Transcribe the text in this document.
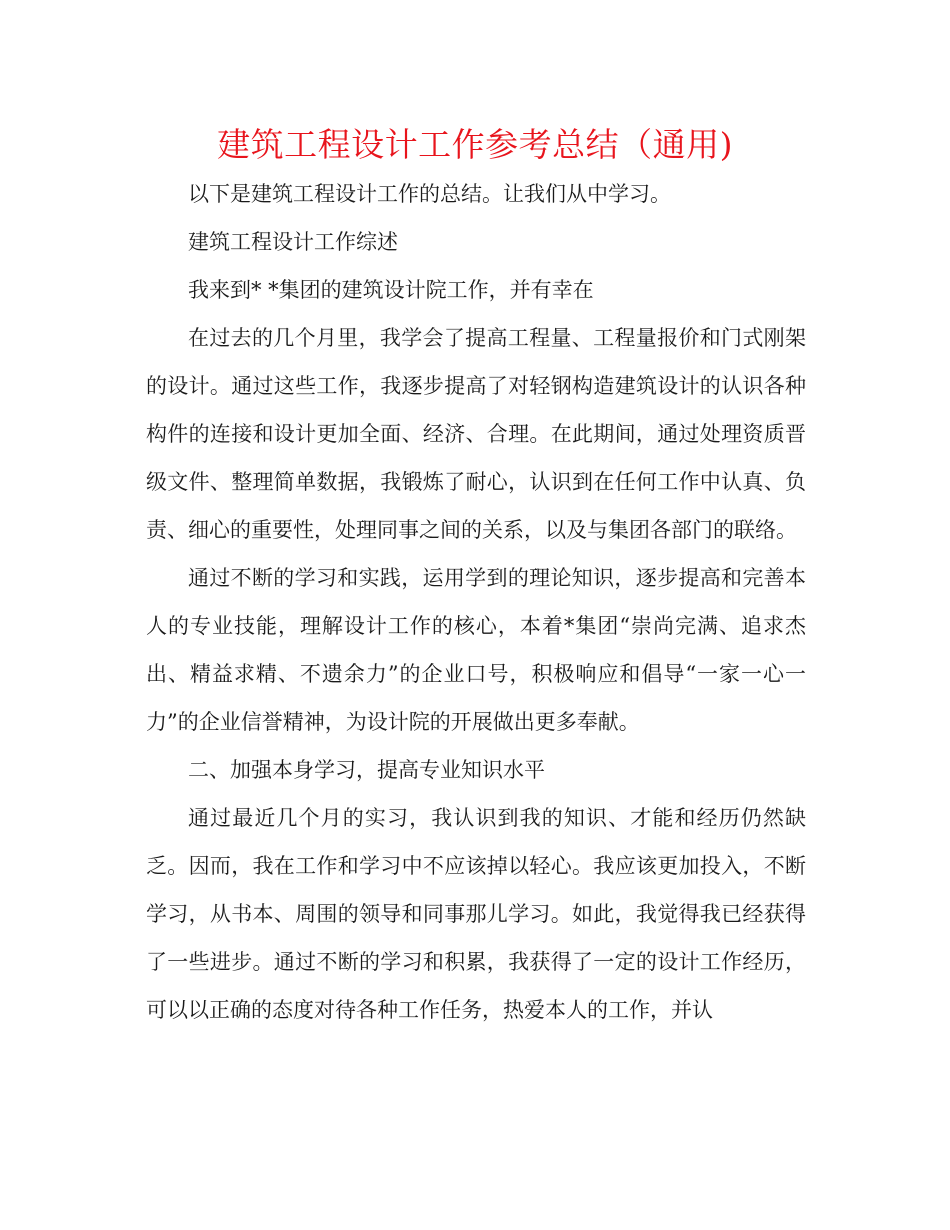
建筑工程设计工作参考总结（通用)

以下是建筑工程设计工作的总结。让我们从中学习。

建筑工程设计工作综述

我来到* *集团的建筑设计院工作，并有幸在

在过去的几个月里，我学会了提高工程量、工程量报价和门式刚架的设计。通过这些工作，我逐步提高了对轻钢构造建筑设计的认识各种构件的连接和设计更加全面、经济、合理。在此期间，通过处理资质晋级文件、整理简单数据，我锻炼了耐心，认识到在任何工作中认真、负责、细心的重要性，处理同事之间的关系，以及与集团各部门的联络。

通过不断的学习和实践，运用学到的理论知识，逐步提高和完善本人的专业技能，理解设计工作的核心，本着*集团“崇尚完满、追求杰出、精益求精、不遗余力”的企业口号，积极响应和倡导“一家一心一力”的企业信誉精神，为设计院的开展做出更多奉献。

二、加强本身学习，提高专业知识水平

通过最近几个月的实习，我认识到我的知识、才能和经历仍然缺乏。因而，我在工作和学习中不应该掉以轻心。我应该更加投入，不断学习，从书本、周围的领导和同事那儿学习。如此，我觉得我已经获得了一些进步。通过不断的学习和积累，我获得了一定的设计工作经历，可以以正确的态度对待各种工作任务，热爱本人的工作，并认
